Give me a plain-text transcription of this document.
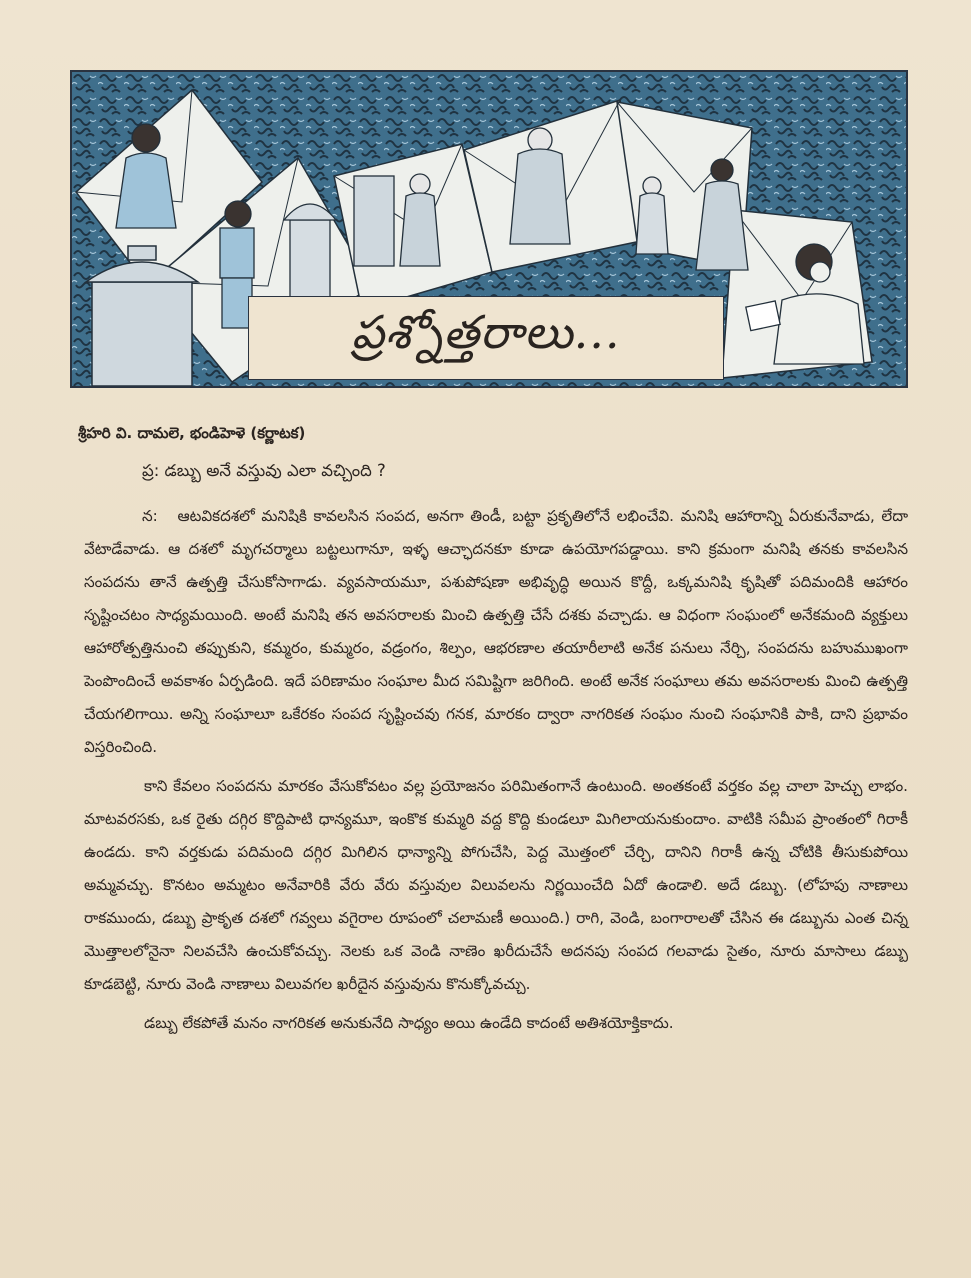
ప్రశ్నోత్తరాలు...
శ్రీహరి వి. దామలె, భండిహెళె (కర్ణాటక)
ప్ర: డబ్బు అనే వస్తువు ఎలా వచ్చింది ?

న: ఆటవికదశలో మనిషికి కావలసిన సంపద, అనగా తిండీ, బట్టా ప్రకృతిలోనే లభించేవి. మనిషి ఆహారాన్ని ఏరుకునేవాడు, లేదా వేటాడేవాడు. ఆ దశలో మృగచర్మాలు బట్టలుగానూ, ఇళ్ళ ఆచ్ఛాదనకూ కూడా ఉపయోగపడ్డాయి. కాని క్రమంగా మనిషి తనకు కావలసిన సంపదను తానే ఉత్పత్తి చేసుకోసాగాడు. వ్యవసాయమూ, పశుపోషణా అభివృద్ధి అయిన కొద్దీ, ఒక్కమనిషి కృషితో పదిమందికి ఆహారం సృష్టించటం సాధ్యమయింది. అంటే మనిషి తన అవసరాలకు మించి ఉత్పత్తి చేసే దశకు వచ్చాడు. ఆ విధంగా సంఘంలో అనేకమంది వ్యక్తులు ఆహారోత్పత్తినుంచి తప్పుకుని, కమ్మరం, కుమ్మరం, వడ్రంగం, శిల్పం, ఆభరణాల తయారీలాటి అనేక పనులు నేర్చి, సంపదను బహుముఖంగా పెంపొందించే అవకాశం ఏర్పడింది. ఇదే పరిణామం సంఘాల మీద సమిష్టిగా జరిగింది. అంటే అనేక సంఘాలు తమ అవసరాలకు మించి ఉత్పత్తి చేయగలిగాయి. అన్ని సంఘాలూ ఒకేరకం సంపద సృష్టించవు గనక, మారకం ద్వారా నాగరికత సంఘం నుంచి సంఘానికి పాకి, దాని ప్రభావం విస్తరించింది.

కాని కేవలం సంపదను మారకం వేసుకోవటం వల్ల ప్రయోజనం పరిమితంగానే ఉంటుంది. అంతకంటే వర్తకం వల్ల చాలా హెచ్చు లాభం. మాటవరసకు, ఒక రైతు దగ్గిర కొద్దిపాటి ధాన్యమూ, ఇంకొక కుమ్మరి వద్ద కొద్ది కుండలూ మిగిలాయనుకుందాం. వాటికి సమీప ప్రాంతంలో గిరాకీ ఉండదు. కాని వర్తకుడు పదిమంది దగ్గిర మిగిలిన ధాన్యాన్ని పోగుచేసి, పెద్ద మొత్తంలో చేర్చి, దానిని గిరాకీ ఉన్న చోటికి తీసుకుపోయి అమ్మవచ్చు. కొనటం అమ్మటం అనేవారికి వేరు వేరు వస్తువుల విలువలను నిర్ణయించేది ఏదో ఉండాలి. అదే డబ్బు. (లోహపు నాణాలు రాకముందు, డబ్బు ప్రాకృత దశలో గవ్వలు వగైరాల రూపంలో చలామణీ అయింది.) రాగి, వెండి, బంగారాలతో చేసిన ఈ డబ్బును ఎంత చిన్న మొత్తాలలోనైనా నిలవచేసి ఉంచుకోవచ్చు. నెలకు ఒక వెండి నాణెం ఖరీదుచేసే అదనపు సంపద గలవాడు సైతం, నూరు మాసాలు డబ్బు కూడబెట్టి, నూరు వెండి నాణాలు విలువగల ఖరీదైన వస్తువును కొనుక్కోవచ్చు.

డబ్బు లేకపోతే మనం నాగరికత అనుకునేది సాధ్యం అయి ఉండేది కాదంటే అతిశయోక్తికాదు.
